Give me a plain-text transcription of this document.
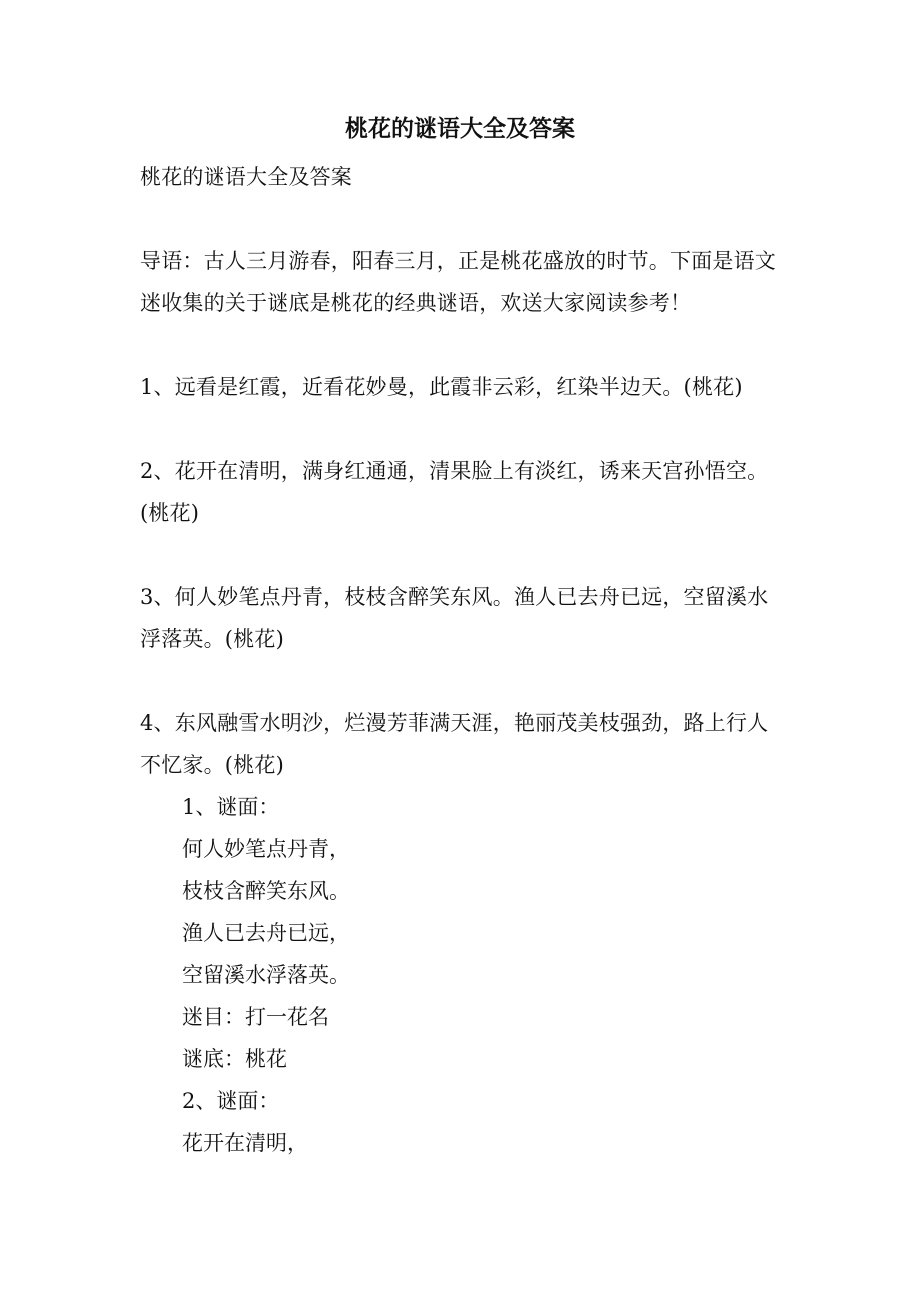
桃花的谜语大全及答案

桃花的谜语大全及答案

导语：古人三月游春，阳春三月，正是桃花盛放的时节。下面是语文迷收集的关于谜底是桃花的经典谜语，欢送大家阅读参考！

1、远看是红霞，近看花妙曼，此霞非云彩，红染半边天。(桃花)

2、花开在清明，满身红通通，清果脸上有淡红，诱来天宫孙悟空。(桃花)

3、何人妙笔点丹青，枝枝含醉笑东风。渔人已去舟已远，空留溪水浮落英。(桃花)

4、东风融雪水明沙，烂漫芳菲满天涯，艳丽茂美枝强劲，路上行人不忆家。(桃花)

1、谜面：
何人妙笔点丹青，
枝枝含醉笑东风。
渔人已去舟已远，
空留溪水浮落英。
迷目：打一花名
谜底：桃花
2、谜面：
花开在清明，
